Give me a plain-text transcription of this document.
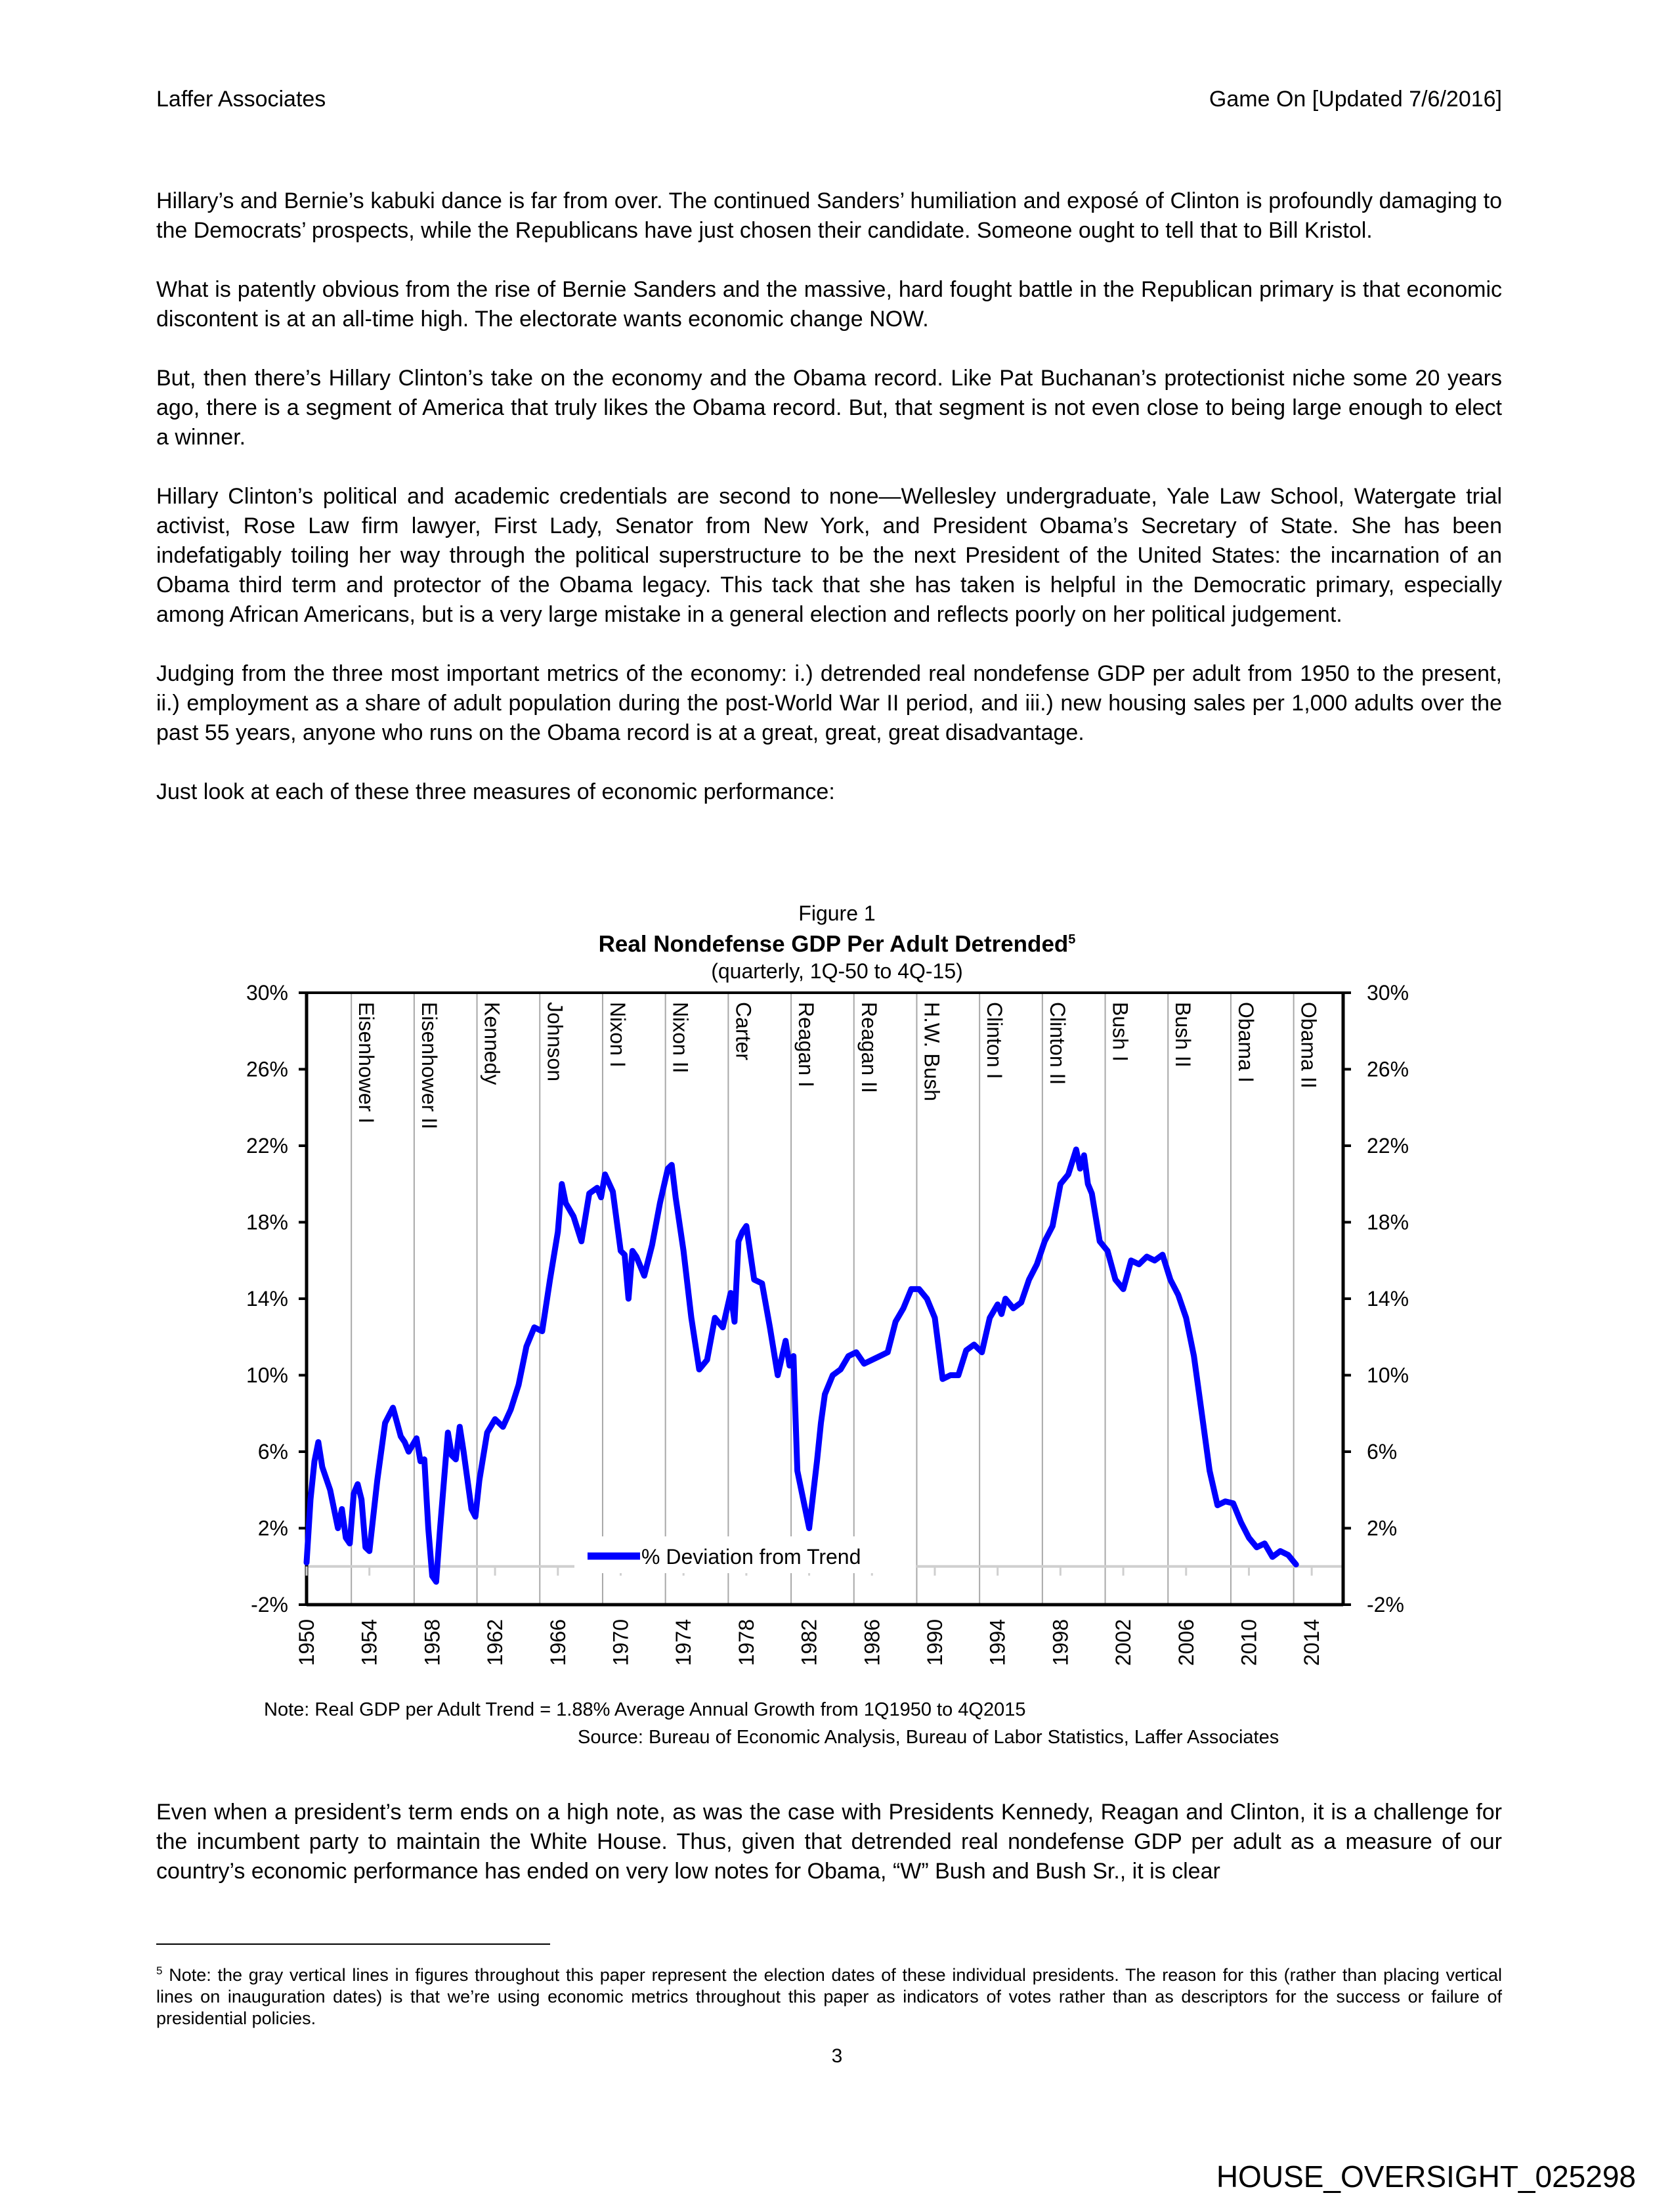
Laffer Associates	Game On [Updated 7/6/2016]

Hillary’s and Bernie’s kabuki dance is far from over. The continued Sanders’ humiliation and exposé of Clinton is profoundly damaging to the Democrats’ prospects, while the Republicans have just chosen their candidate. Someone ought to tell that to Bill Kristol.

What is patently obvious from the rise of Bernie Sanders and the massive, hard fought battle in the Republican primary is that economic discontent is at an all-time high. The electorate wants economic change NOW.

But, then there’s Hillary Clinton’s take on the economy and the Obama record. Like Pat Buchanan’s protectionist niche some 20 years ago, there is a segment of America that truly likes the Obama record. But, that segment is not even close to being large enough to elect a winner.

Hillary Clinton’s political and academic credentials are second to none—Wellesley undergraduate, Yale Law School, Watergate trial activist, Rose Law firm lawyer, First Lady, Senator from New York, and President Obama’s Secretary of State. She has been indefatigably toiling her way through the political superstructure to be the next President of the United States: the incarnation of an Obama third term and protector of the Obama legacy. This tack that she has taken is helpful in the Democratic primary, especially among African Americans, but is a very large mistake in a general election and reflects poorly on her political judgement.

Judging from the three most important metrics of the economy: i.) detrended real nondefense GDP per adult from 1950 to the present, ii.) employment as a share of adult population during the post-World War II period, and iii.) new housing sales per 1,000 adults over the past 55 years, anyone who runs on the Obama record is at a great, great, great disadvantage.

Just look at each of these three measures of economic performance:

Figure 1
Real Nondefense GDP Per Adult Detrended$^5$
(quarterly, 1Q-50 to 4Q-15)
Eisenhower I Eisenhower II Kennedy Johnson Nixon I Nixon II Carter Reagan I Reagan II H.W. Bush Clinton I Clinton II Bush I Bush II Obama I Obama II
-2%	-2%
2%	2%
6%	6%
10%	10%
14%	14%
18%	18%
22%	22%
26%	26%
30%	30%
1950 1954 1958 1962 1966 1970 1974 1978 1982 1986 1990 1994 1998 2002 2006 2010 2014
% Deviation from Trend
Note: Real GDP per Adult Trend = 1.88% Average Annual Growth from 1Q1950 to 4Q2015
Source: Bureau of Economic Analysis, Bureau of Labor Statistics, Laffer Associates

Even when a president’s term ends on a high note, as was the case with Presidents Kennedy, Reagan and Clinton, it is a challenge for the incumbent party to maintain the White House. Thus, given that detrended real nondefense GDP per adult as a measure of our country’s economic performance has ended on very low notes for Obama, “W” Bush and Bush Sr., it is clear

$^5$ Note: the gray vertical lines in figures throughout this paper represent the election dates of these individual presidents. The reason for this (rather than placing vertical lines on inauguration dates) is that we’re using economic metrics throughout this paper as indicators of votes rather than as descriptors for the success or failure of presidential policies.
3
HOUSE_OVERSIGHT_025298
